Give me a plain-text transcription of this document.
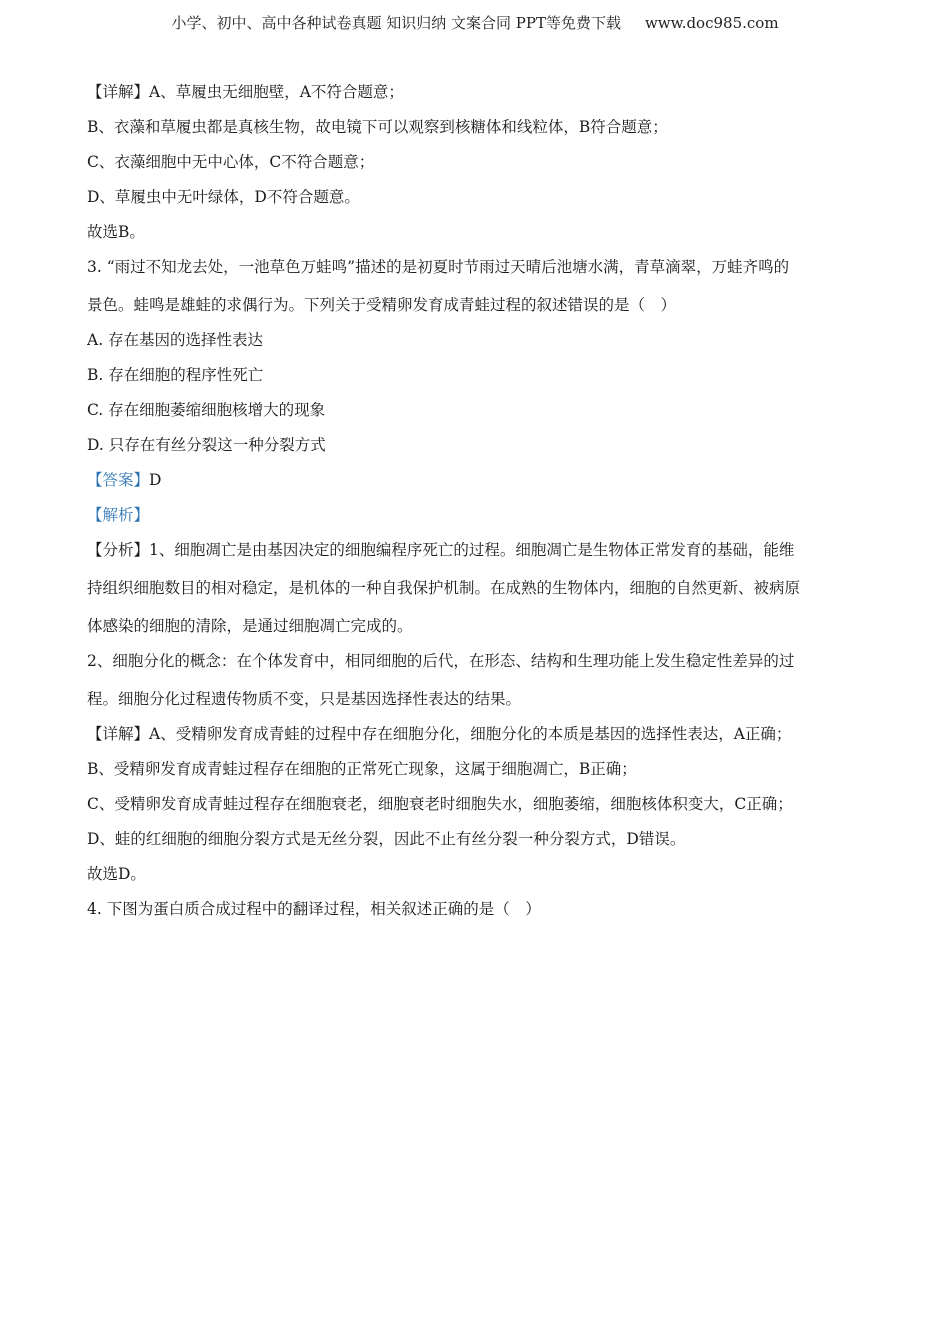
小学、初中、高中各种试卷真题 知识归纳 文案合同 PPT等免费下载 www.doc985.com
【详解】A、草履虫无细胞壁，A不符合题意；
B、衣藻和草履虫都是真核生物，故电镜下可以观察到核糖体和线粒体，B符合题意；
C、衣藻细胞中无中心体，C不符合题意；
D、草履虫中无叶绿体，D不符合题意。
故选B。
3. “雨过不知龙去处，一池草色万蛙鸣”描述的是初夏时节雨过天晴后池塘水满，青草滴翠，万蛙齐鸣的
景色。蛙鸣是雄蛙的求偶行为。下列关于受精卵发育成青蛙过程的叙述错误的是（　）
A. 存在基因的选择性表达
B. 存在细胞的程序性死亡
C. 存在细胞萎缩细胞核增大的现象
D. 只存在有丝分裂这一种分裂方式
【答案】D
【解析】
【分析】1、细胞凋亡是由基因决定的细胞编程序死亡的过程。细胞凋亡是生物体正常发育的基础，能维
持组织细胞数目的相对稳定，是机体的一种自我保护机制。在成熟的生物体内，细胞的自然更新、被病原
体感染的细胞的清除，是通过细胞凋亡完成的。
2、细胞分化的概念：在个体发育中，相同细胞的后代，在形态、结构和生理功能上发生稳定性差异的过
程。细胞分化过程遗传物质不变，只是基因选择性表达的结果。
【详解】A、受精卵发育成青蛙的过程中存在细胞分化，细胞分化的本质是基因的选择性表达，A正确；
B、受精卵发育成青蛙过程存在细胞的正常死亡现象，这属于细胞凋亡，B正确；
C、受精卵发育成青蛙过程存在细胞衰老，细胞衰老时细胞失水，细胞萎缩，细胞核体积变大，C正确；
D、蛙的红细胞的细胞分裂方式是无丝分裂，因此不止有丝分裂一种分裂方式，D错误。
故选D。
4. 下图为蛋白质合成过程中的翻译过程，相关叙述正确的是（　）
